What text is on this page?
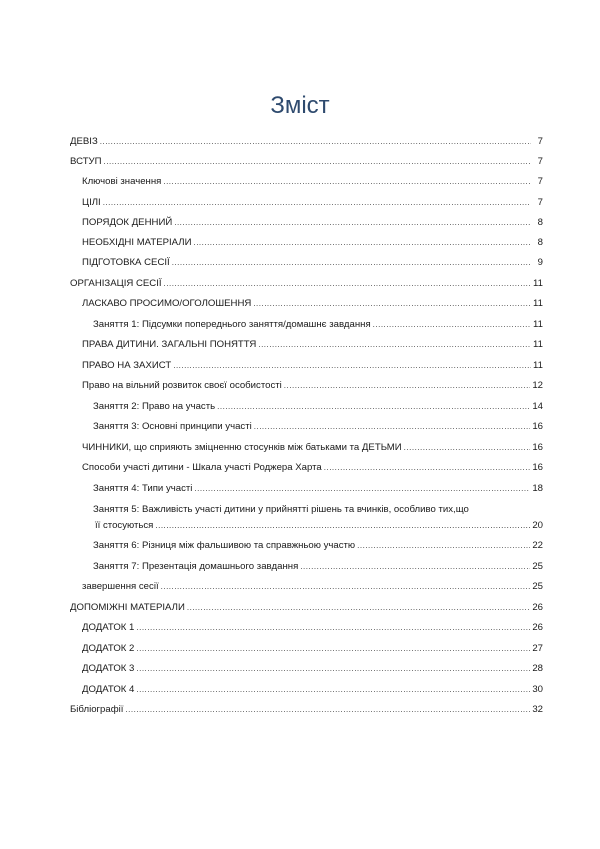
Зміст
ДЕВІЗ .....	7
ВСТУП .....	7
Ключові значення .....	7
ЦІЛІ .....	7
ПОРЯДОК ДЕННИЙ .....	8
НЕОБХІДНІ МАТЕРІАЛИ .....	8
ПІДГОТОВКА СЕСІЇ .....	9
ОРГАНІЗАЦІЯ СЕСІЇ .....	11
ЛАСКАВО ПРОСИМО/ОГОЛОШЕННЯ .....	11
Заняття 1: Підсумки попереднього заняття/домашнє завдання .....	11
ПРАВА ДИТИНИ. ЗАГАЛЬНІ ПОНЯТТЯ .....	11
ПРАВО НА ЗАХИСТ .....	11
Право на вільний розвиток своєї особистості .....	12
Заняття 2: Право на участь .....	14
Заняття 3: Основні принципи участі .....	16
ЧИННИКИ, що сприяють зміцненню стосунків між батьками та ДЕТЬМИ .....	16
Способи участі дитини - Шкала участі Роджера Харта .....	16
Заняття 4: Типи участі .....	18
Заняття 5: Важливість участі дитини у прийнятті рішень та вчинків, особливо тих,що
її стосуються .....	20
Заняття 6: Різниця між фальшивою та справжньою участю .....	22
Заняття 7: Презентація домашнього завдання .....	25
завершення сесії .....	25
ДОПОМІЖНІ МАТЕРІАЛИ .....	26
ДОДАТОК 1 .....	26
ДОДАТОК 2 .....	27
ДОДАТОК 3 .....	28
ДОДАТОК 4 .....	30
Бібліографії .....	32
